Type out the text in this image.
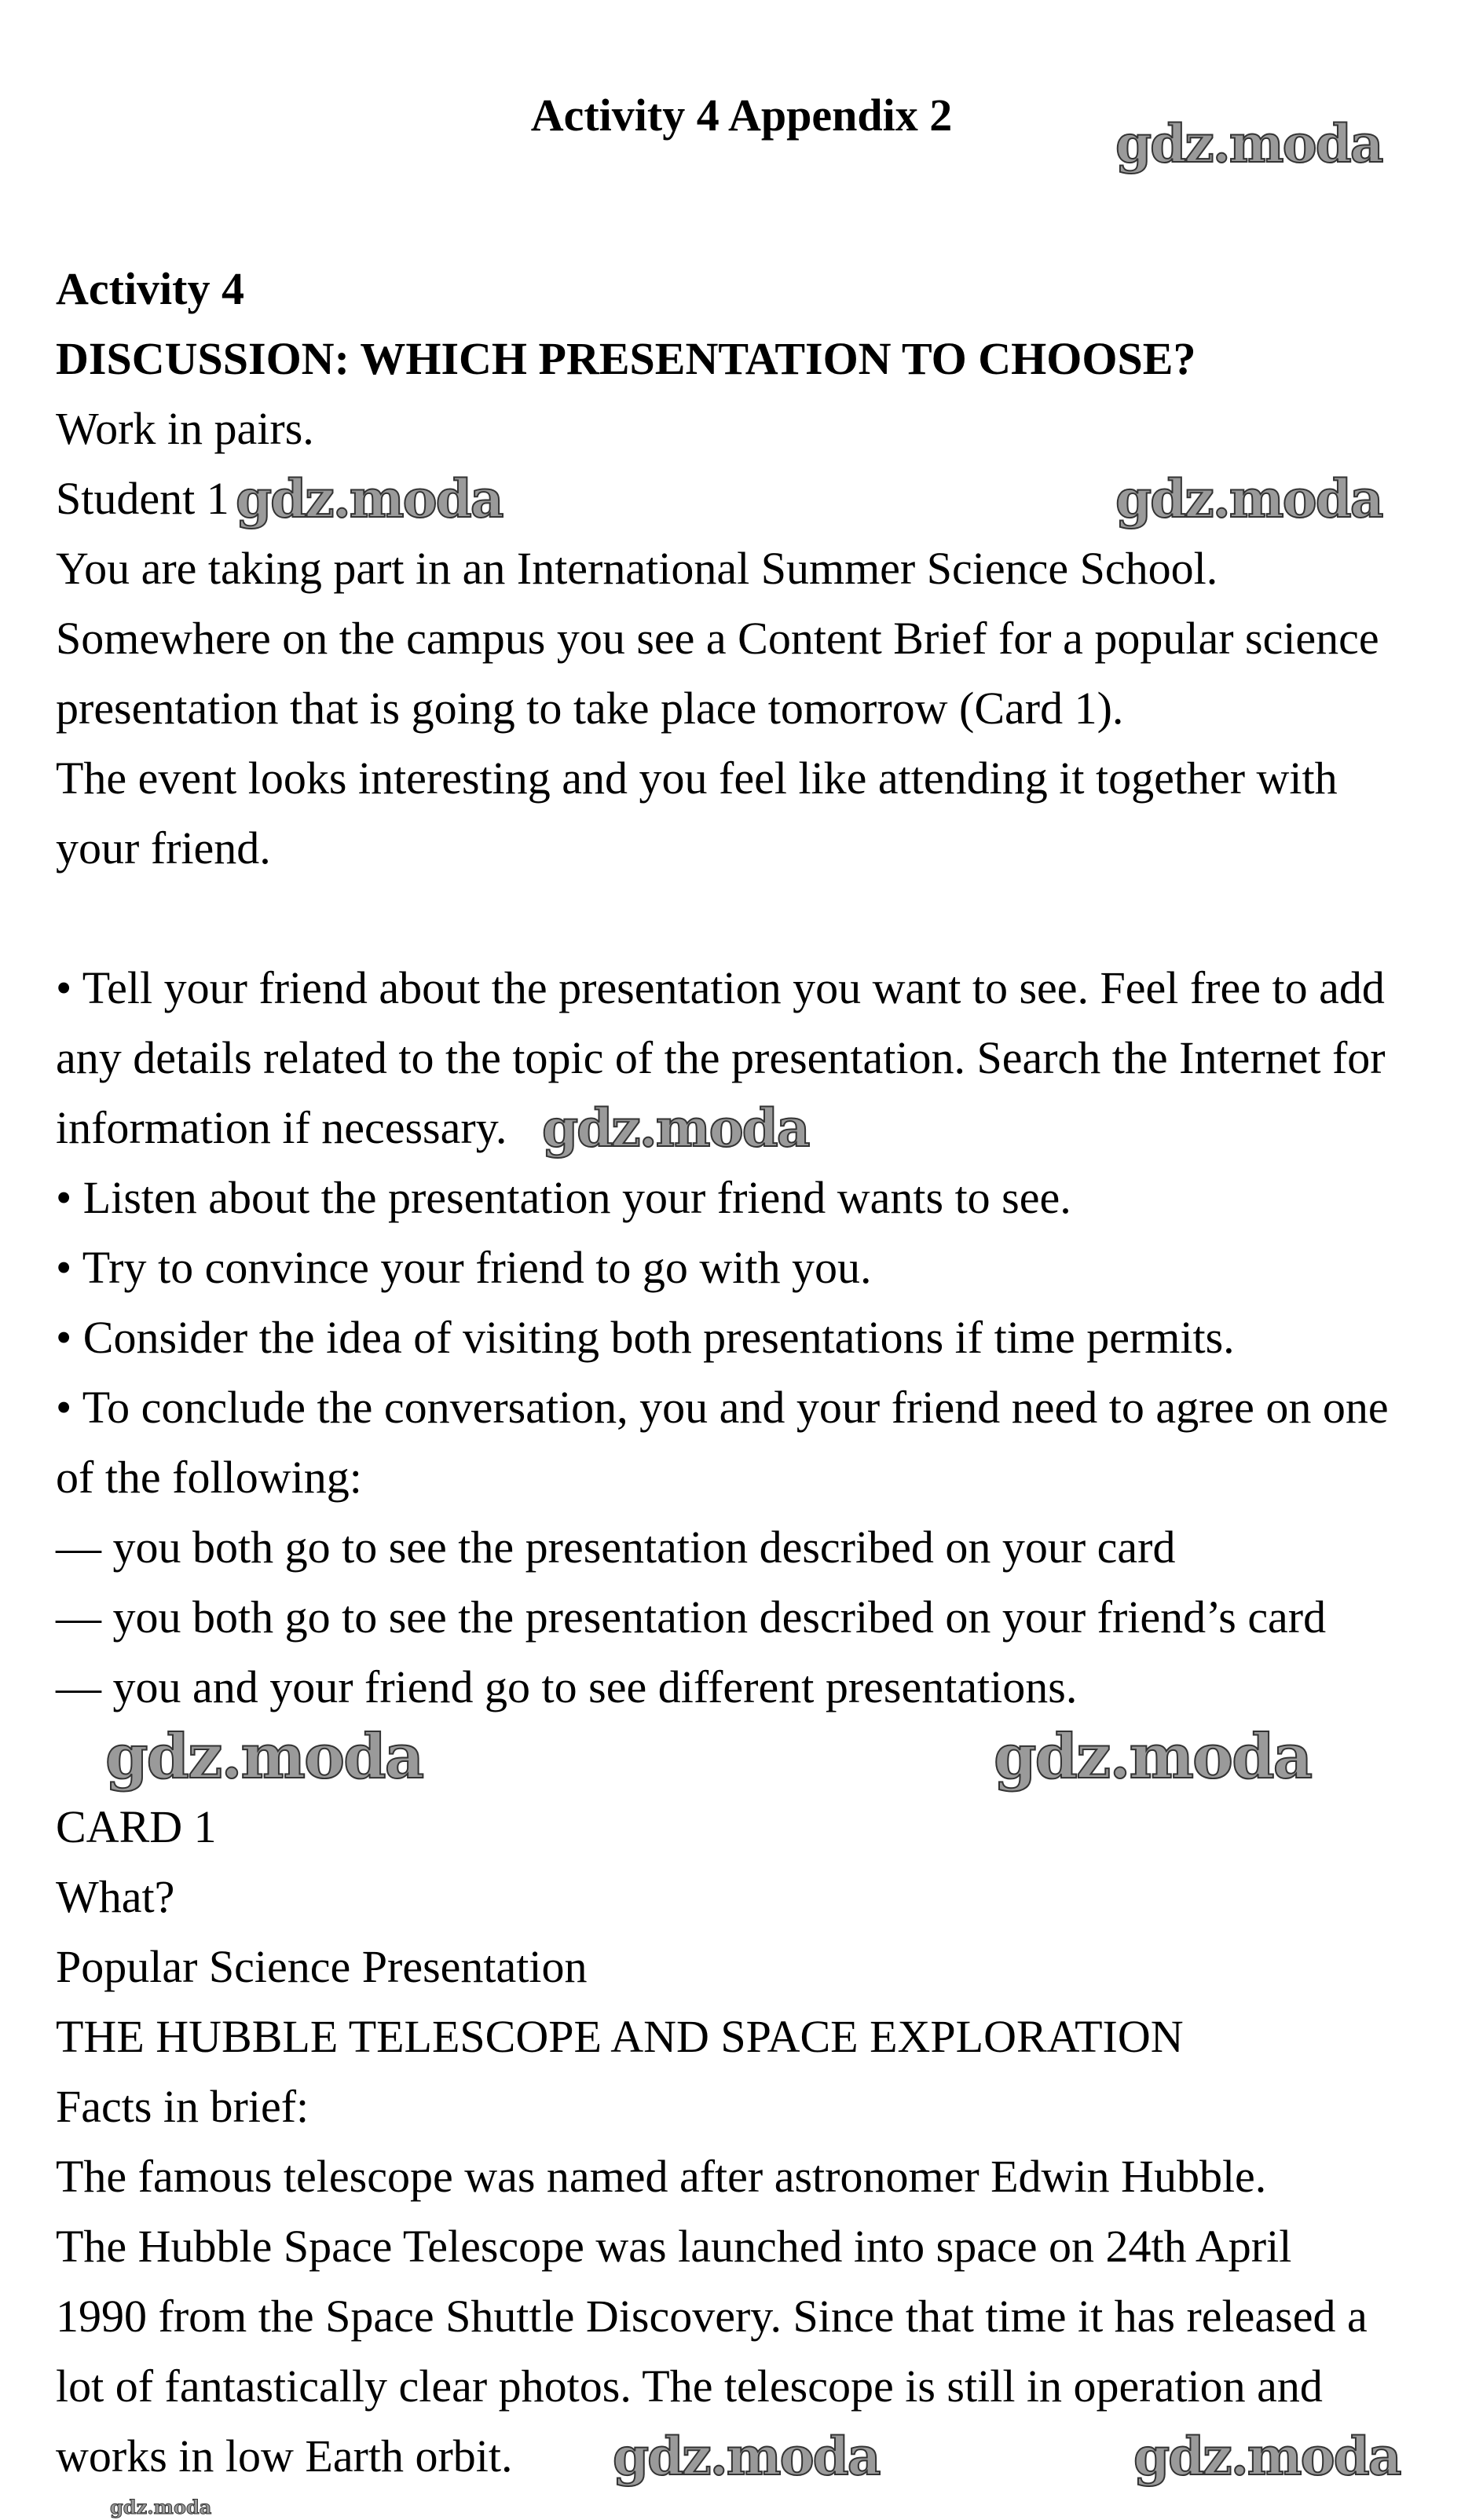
Activity 4 Appendix 2
Activity 4
DISCUSSION: WHICH PRESENTATION TO CHOOSE?
Work in pairs.
Student 1
You are taking part in an International Summer Science School.
Somewhere on the campus you see a Content Brief for a popular science
presentation that is going to take place tomorrow (Card 1).
The event looks interesting and you feel like attending it together with
your friend.
• Tell your friend about the presentation you want to see. Feel free to add
any details related to the topic of the presentation. Search the Internet for
information if necessary.
• Listen about the presentation your friend wants to see.
• Try to convince your friend to go with you.
• Consider the idea of visiting both presentations if time permits.
• To conclude the conversation, you and your friend need to agree on one
of the following:
— you both go to see the presentation described on your card
— you both go to see the presentation described on your friend’s card
— you and your friend go to see different presentations.
CARD 1
What?
Popular Science Presentation
THE HUBBLE TELESCOPE AND SPACE EXPLORATION
Facts in brief:
The famous telescope was named after astronomer Edwin Hubble.
The Hubble Space Telescope was launched into space on 24th April
1990 from the Space Shuttle Discovery. Since that time it has released a
lot of fantastically clear photos. The telescope is still in operation and
works in low Earth orbit.
gdz.moda
gdz.moda	gdz.moda
gdz.moda
gdz.moda	gdz.moda
gdz.moda
gdz.moda	gdz.moda
